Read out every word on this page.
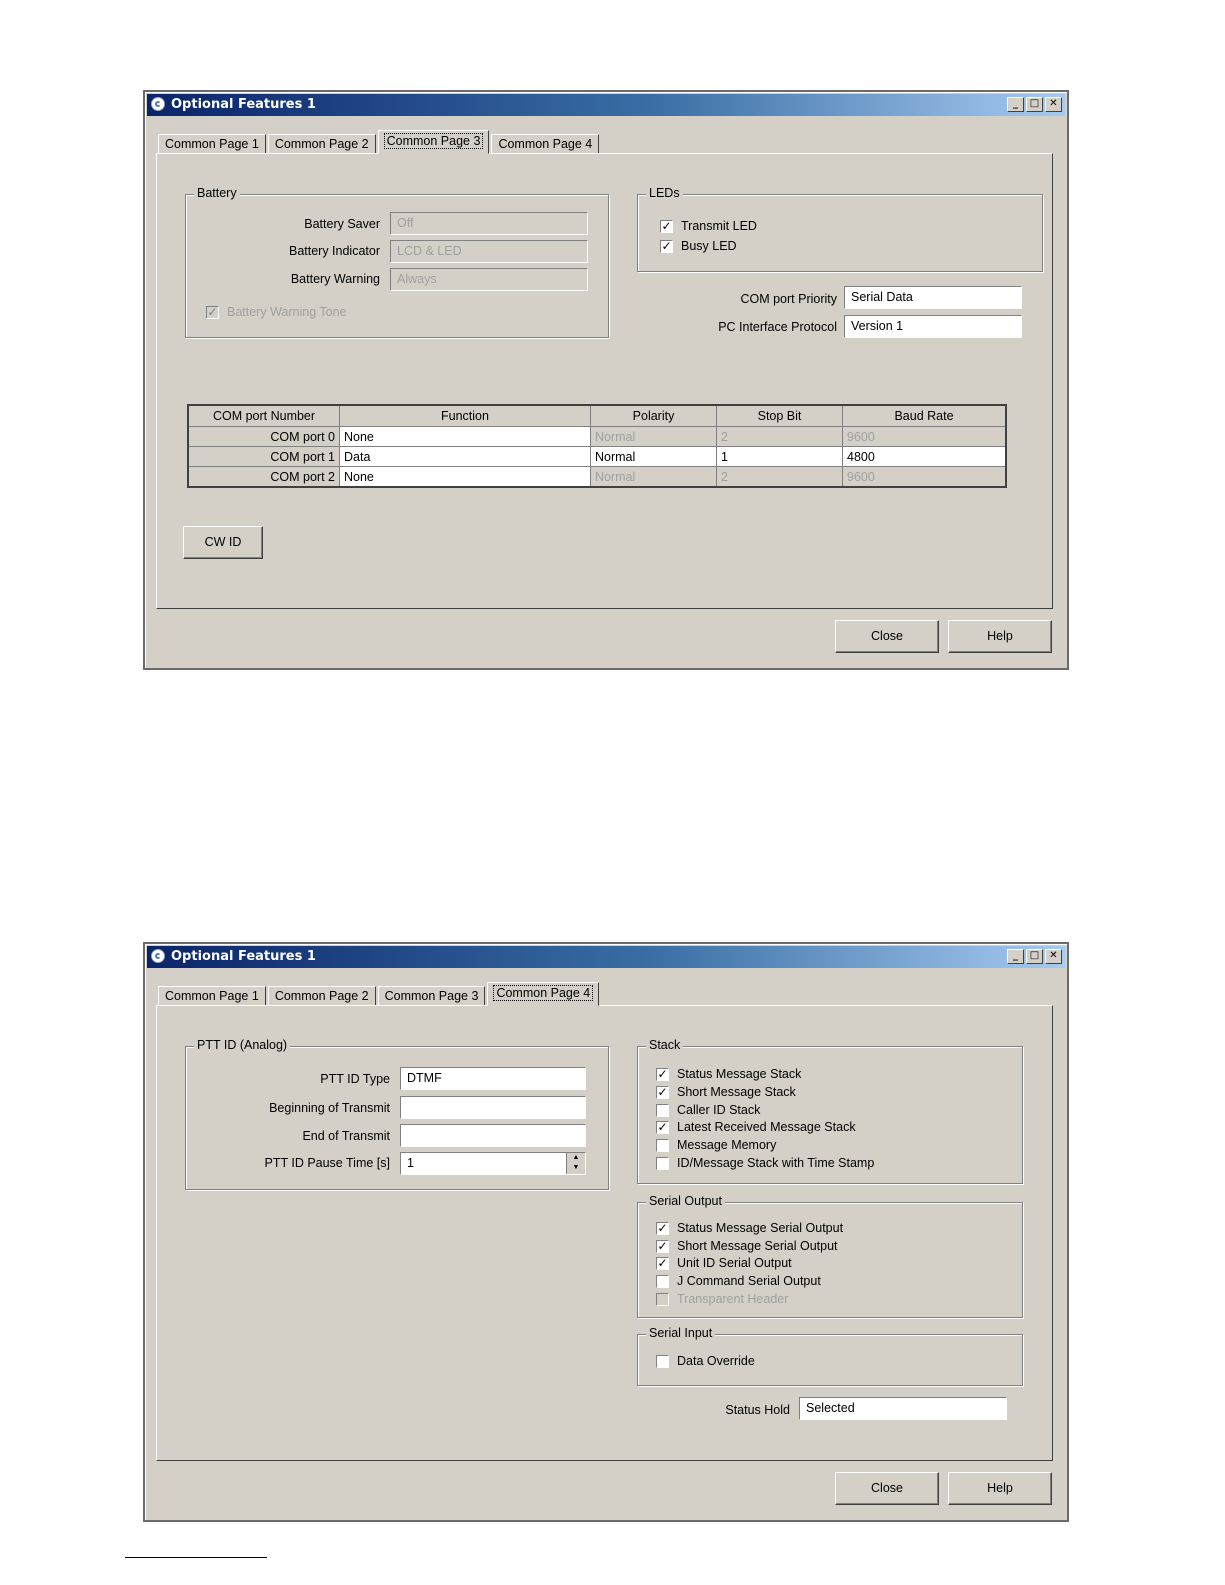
Optional Features 1	_	□	✕
Common Page 1	Common Page 2	Common Page 3	Common Page 4
Battery
Battery Saver	Off
Battery Indicator	LCD & LED
Battery Warning	Always
✓ Battery Warning Tone
LEDs
✓ Transmit LED
✓ Busy LED
COM port Priority	Serial Data
PC Interface Protocol	Version 1
COM port Number	Function	Polarity	Stop Bit	Baud Rate
COM port 0	None	Normal	2	9600
COM port 1	Data	Normal	1	4800
COM port 2	None	Normal	2	9600
CW ID
Close	Help
Optional Features 1	_	□	✕
Common Page 1	Common Page 2	Common Page 3	Common Page 4
PTT ID (Analog)
PTT ID Type	DTMF
Beginning of Transmit
End of Transmit
PTT ID Pause Time [s]	1	▲
▼
Stack
✓ Status Message Stack
✓ Short Message Stack
Caller ID Stack
✓ Latest Received Message Stack
Message Memory
ID/Message Stack with Time Stamp
Serial Output
✓ Status Message Serial Output
✓ Short Message Serial Output
✓ Unit ID Serial Output
J Command Serial Output
Transparent Header
Serial Input
Data Override
Status Hold	Selected
Close	Help
